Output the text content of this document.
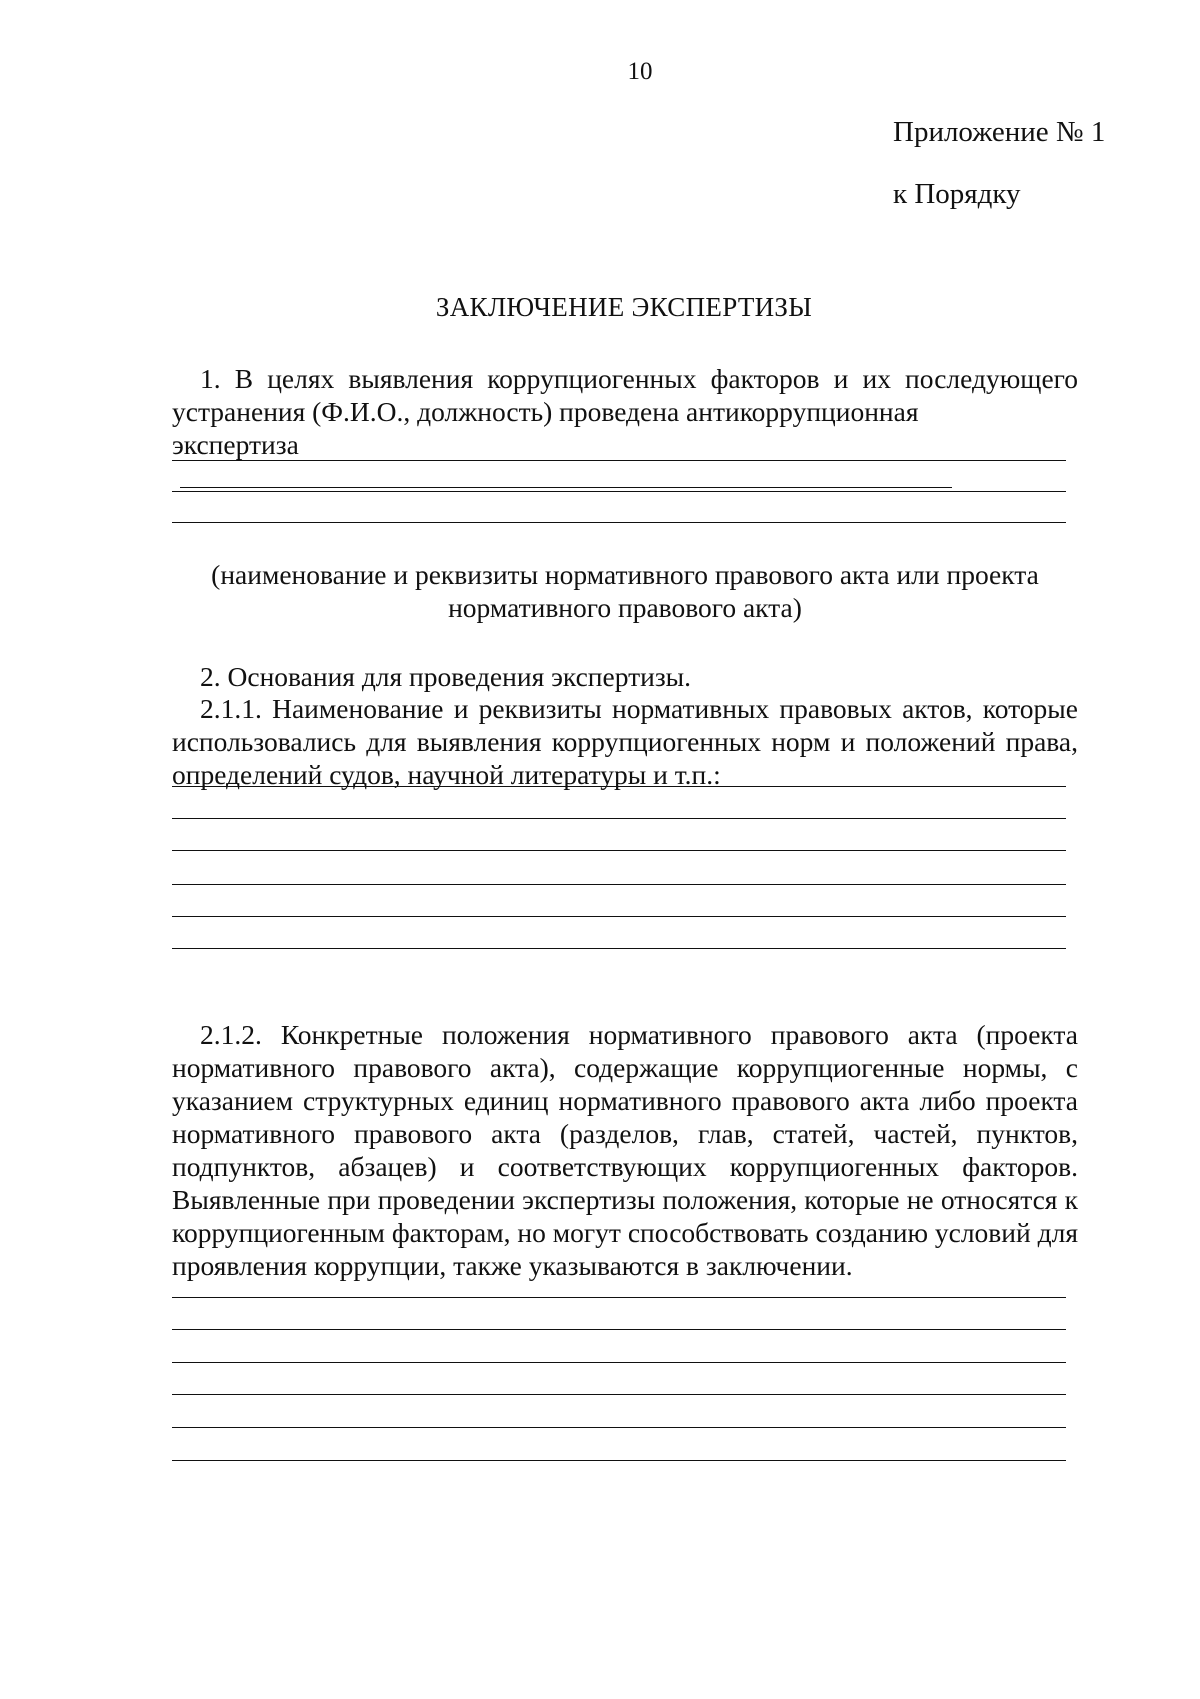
10
Приложение № 1
к Порядку
ЗАКЛЮЧЕНИЕ ЭКСПЕРТИЗЫ
1. В целях выявления коррупциогенных факторов и их последующего устранения (Ф.И.О., должность) проведена антикоррупционная
экспертиза
(наименование и реквизиты нормативного правового акта или проекта нормативного правового акта)
2. Основания для проведения экспертизы.
2.1.1. Наименование и реквизиты нормативных правовых актов, которые использовались для выявления коррупциогенных норм и положений права, определений судов, научной литературы и т.п.:
2.1.2. Конкретные положения нормативного правового акта (проекта нормативного правового акта), содержащие коррупциогенные нормы, с указанием структурных единиц нормативного правового акта либо проекта нормативного правового акта (разделов, глав, статей, частей, пунктов, подпунктов, абзацев) и соответствующих коррупциогенных факторов. Выявленные при проведении экспертизы положения, которые не относятся к коррупциогенным факторам, но могут способствовать созданию условий для проявления коррупции, также указываются в заключении.
